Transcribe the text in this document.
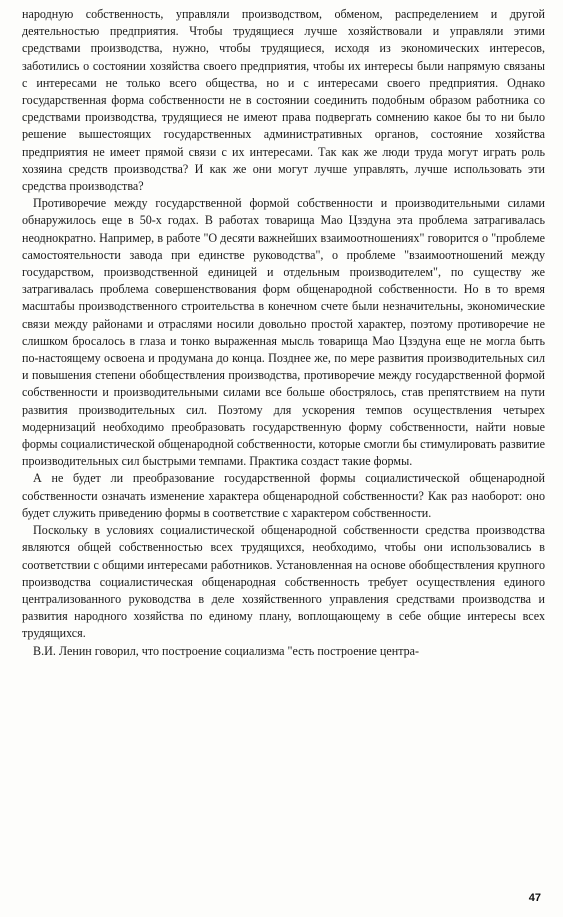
народную собственность, управляли производством, обменом, распределением и другой деятельностью предприятия. Чтобы трудящиеся лучше хозяйствовали и управляли этими средствами производства, нужно, чтобы трудящиеся, исходя из экономических интересов, заботились о состоянии хозяйства своего предприятия, чтобы их интересы были напрямую связаны с интересами не только всего общества, но и с интересами своего предприятия. Однако государственная форма собственности не в состоянии соединить подобным образом работника со средствами производства, трудящиеся не имеют права подвергать сомнению какое бы то ни было решение вышестоящих государственных административных органов, состояние хозяйства предприятия не имеет прямой связи с их интересами. Так как же люди труда могут играть роль хозяина средств производства? И как же они могут лучше управлять, лучше использовать эти средства производства?

Противоречие между государственной формой собственности и производительными силами обнаружилось еще в 50-х годах. В работах товарища Мао Цзэдуна эта проблема затрагивалась неоднократно. Например, в работе "О десяти важнейших взаимоотношениях" говорится о "проблеме самостоятельности завода при единстве руководства", о проблеме "взаимоотношений между государством, производственной единицей и отдельным производителем", по существу же затрагивалась проблема совершенствования форм общенародной собственности. Но в то время масштабы производственного строительства в конечном счете были незначительны, экономические связи между районами и отраслями носили довольно простой характер, поэтому противоречие не слишком бросалось в глаза и тонко выраженная мысль товарища Мао Цзэдуна еще не могла быть по-настоящему освоена и продумана до конца. Позднее же, по мере развития производительных сил и повышения степени обобществления производства, противоречие между государственной формой собственности и производительными силами все больше обострялось, став препятствием на пути развития производительных сил. Поэтому для ускорения темпов осуществления четырех модернизаций необходимо преобразовать государственную форму собственности, найти новые формы социалистической общенародной собственности, которые смогли бы стимулировать развитие производительных сил быстрыми темпами. Практика создаст такие формы.

А не будет ли преобразование государственной формы социалистической общенародной собственности означать изменение характера общенародной собственности? Как раз наоборот: оно будет служить приведению формы в соответствие с характером собственности.

Поскольку в условиях социалистической общенародной собственности средства производства являются общей собственностью всех трудящихся, необходимо, чтобы они использовались в соответствии с общими интересами работников. Установленная на основе обобществления крупного производства социалистическая общенародная собственность требует осуществления единого централизованного руководства в деле хозяйственного управления средствами производства и развития народного хозяйства по единому плану, воплощающему в себе общие интересы всех трудящихся.

В.И. Ленин говорил, что построение социализма "есть построение центра-

47
